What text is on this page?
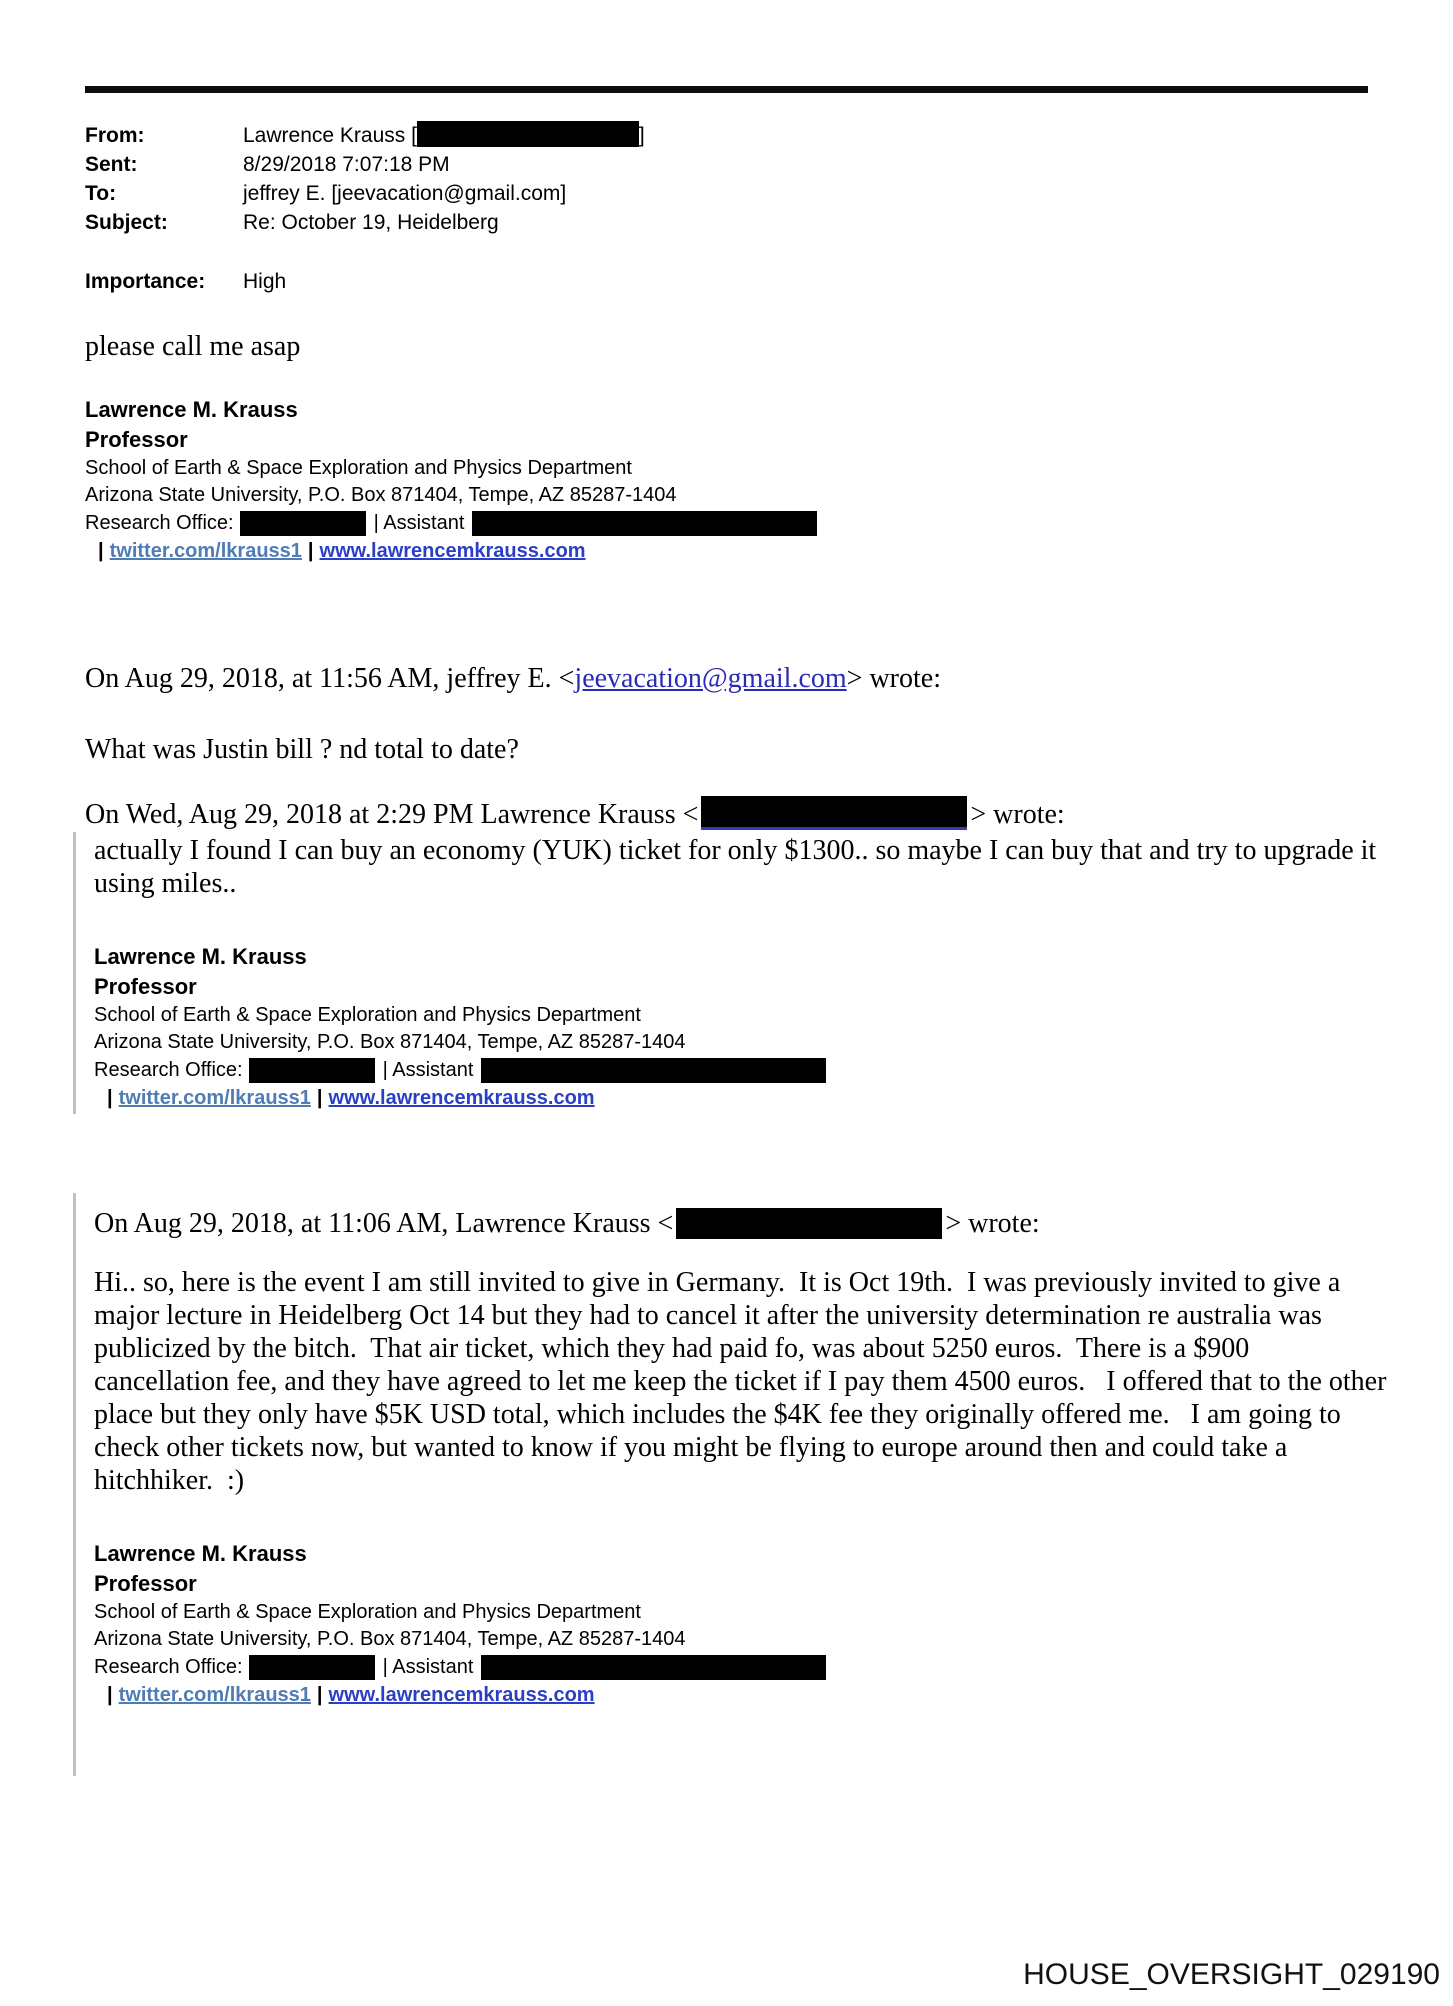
From:	Lawrence Krauss [	]
Sent:	8/29/2018 7:07:18 PM
To:	jeffrey E. [jeevacation@gmail.com]
Subject:	Re: October 19, Heidelberg
Importance:	High
please call me asap
Lawrence M. Krauss
Professor
School of Earth & Space Exploration and Physics Department
Arizona State University, P.O. Box 871404, Tempe, AZ 85287-1404
Research Office:	| Assistant
| twitter.com/lkrauss1 | www.lawrencemkrauss.com
On Aug 29, 2018, at 11:56 AM, jeffrey E. <jeevacation@gmail.com> wrote:
What was Justin bill ? nd total to date?
On Wed, Aug 29, 2018 at 2:29 PM Lawrence Krauss <	> wrote:
actually I found I can buy an economy (YUK) ticket for only $1300.. so maybe I can buy that and try to upgrade it using miles..
Lawrence M. Krauss
Professor
School of Earth & Space Exploration and Physics Department
Arizona State University, P.O. Box 871404, Tempe, AZ 85287-1404
Research Office:	| Assistant
| twitter.com/lkrauss1 | www.lawrencemkrauss.com
On Aug 29, 2018, at 11:06 AM, Lawrence Krauss <	> wrote:
Hi.. so, here is the event I am still invited to give in Germany.  It is Oct 19th.  I was previously invited to give a major lecture in Heidelberg Oct 14 but they had to cancel it after the university determination re australia was publicized by the bitch.  That air ticket, which they had paid fo, was about 5250 euros.  There is a $900 cancellation fee, and they have agreed to let me keep the ticket if I pay them 4500 euros.   I offered that to the other place but they only have $5K USD total, which includes the $4K fee they originally offered me.   I am going to check other tickets now, but wanted to know if you might be flying to europe around then and could take a hitchhiker.  :)
Lawrence M. Krauss
Professor
School of Earth & Space Exploration and Physics Department
Arizona State University, P.O. Box 871404, Tempe, AZ 85287-1404
Research Office:	| Assistant
| twitter.com/lkrauss1 | www.lawrencemkrauss.com
HOUSE_OVERSIGHT_029190
